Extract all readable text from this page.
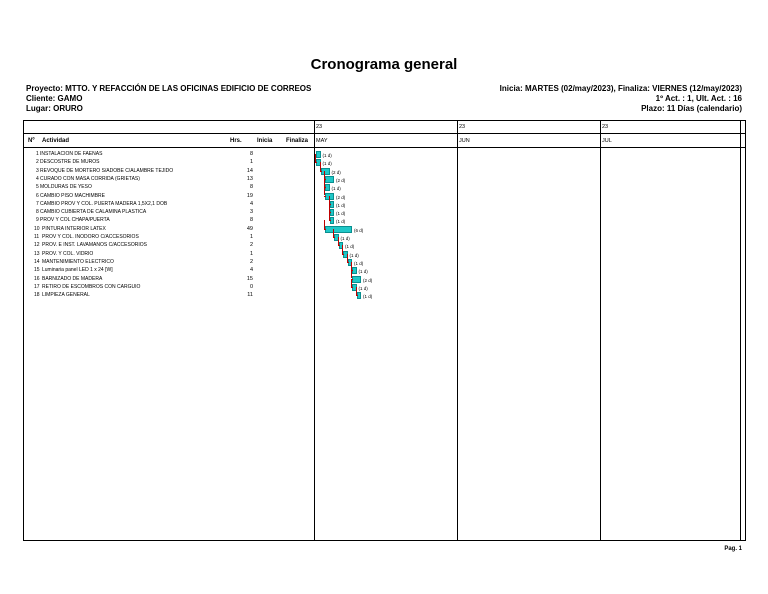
Cronograma general
Proyecto: MTTO. Y REFACCIÓN DE LAS OFICINAS EDIFICIO DE CORREOS
Cliente: GAMO
Lugar: ORURO
Inicia: MARTES (02/may/2023), Finaliza: VIERNES (12/may/2023)
1º Act. : 1, Ult. Act. : 16
Plazo: 11 Días (calendario)
Nº Actividad	Hrs.	Inicia Finaliza
23
MAY
23
JUN
23
JUL
1 INSTALACION DE FAENAS	8
2 DESCOSTRE DE MUROS	1
3 REVOQUE DE MORTERO S/ADOBE C/ALAMBRE TEJIDO	14
4 CURADO CON MASA CORRIDA (GRIETAS)	13
5 MOLDURAS DE YESO	8
6 CAMBIO PISO MACHIMBRE	19
7 CAMBIO PROV Y COL. PUERTA MADERA 1,5X2,1 DOB	4
8 CAMBIO CUBIERTA DE CALAMINA PLASTICA	3
9 PROV Y COL CHAPA/PUERTA	8
10 PINTURA INTERIOR LATEX	49
11 PROV Y COL. INODORO C/ACCESORIOS	1
12 PROV. E INST. LAVAMANOS C/ACCESORIOS	2
13 PROV. Y COL. VIDRIO	1
14 MANTENIMIENTO ELECTRICO	2
15 Luminaria panel LED 1 x 24 [W]	4
16 BARNIZADO DE MADERA	15
17 RETIRO DE ESCOMBROS CON CARGUIO	0
18 LIMPIEZA GENERAL	11
(1 d)
(1 d)
(2 d)
(2 d)
(1 d)
(2 d)
(1 d)
(1 d)
(1 d)
(6 d)
(1 d)
(1 d)
(1 d)
(1 d)
(1 d)
(2 d)
(1 d)
(1 d)
Pag. 1
